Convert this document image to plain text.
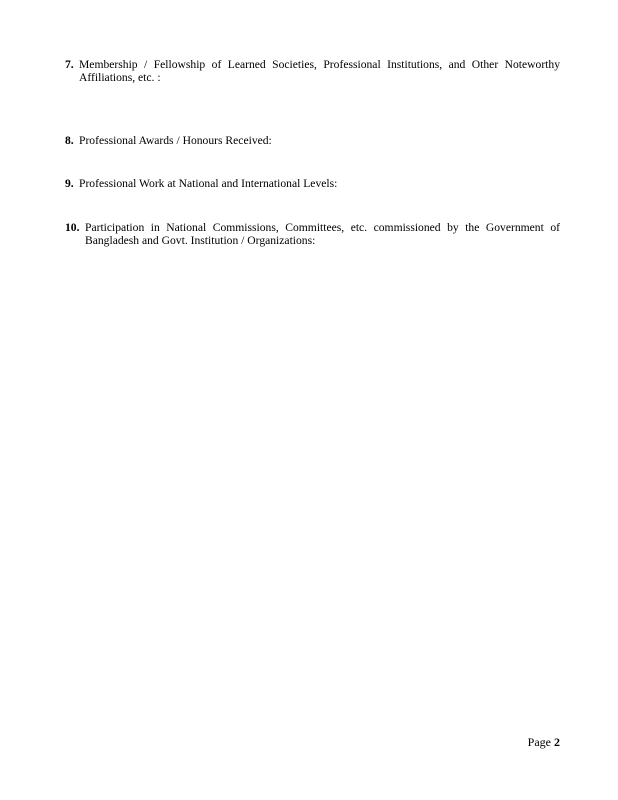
7. Membership / Fellowship of Learned Societies, Professional Institutions, and Other Noteworthy Affiliations, etc. :
8. Professional Awards / Honours Received:
9. Professional Work at National and International Levels:
10. Participation in National Commissions, Committees, etc. commissioned by the Government of Bangladesh and Govt. Institution / Organizations:
Page 2
